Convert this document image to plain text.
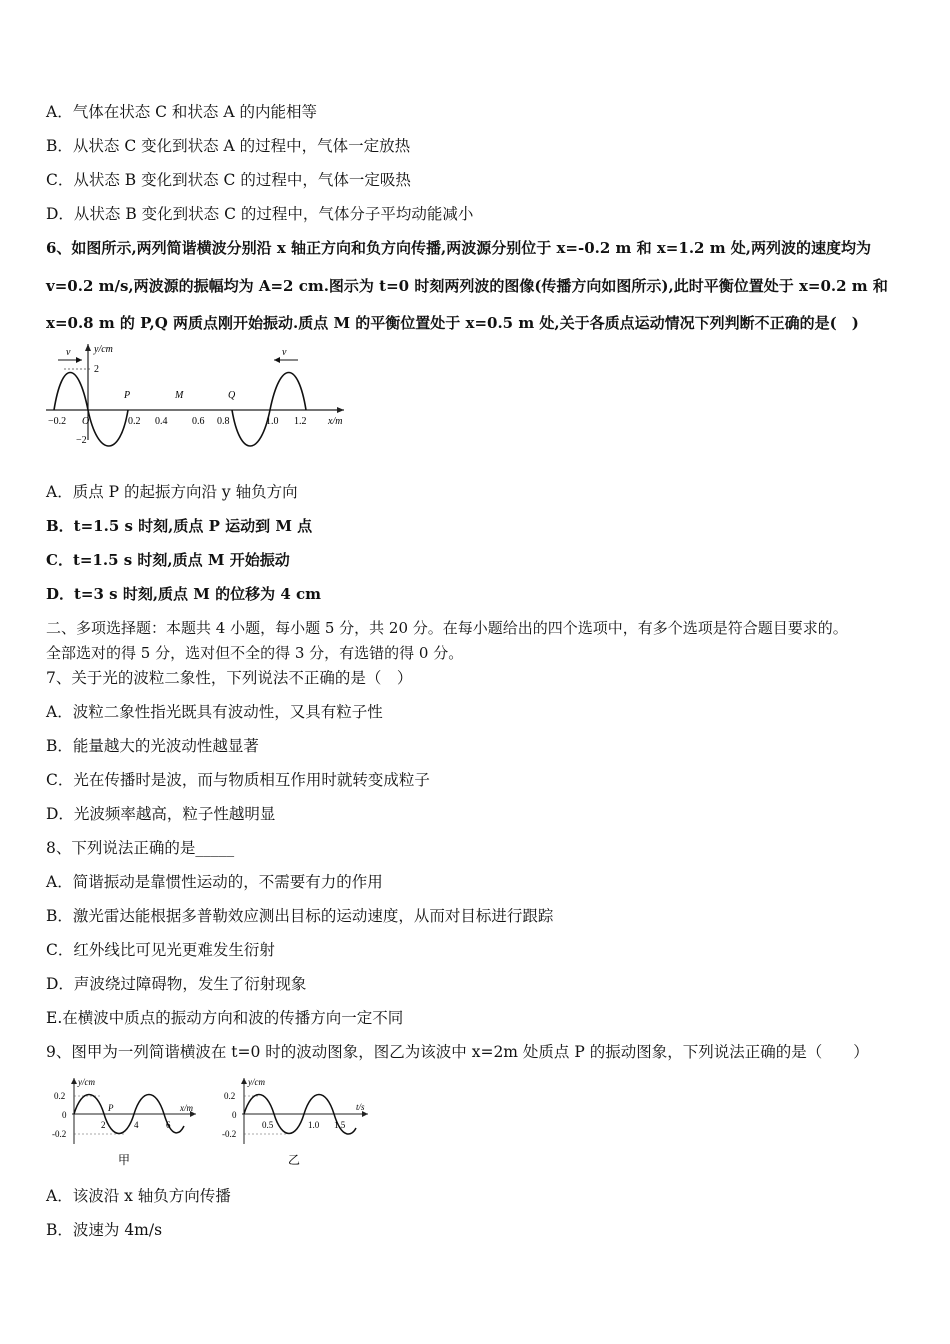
A．气体在状态 C 和状态 A 的内能相等
B．从状态 C 变化到状态 A 的过程中，气体一定放热
C．从状态 B 变化到状态 C 的过程中，气体一定吸热
D．从状态 B 变化到状态 C 的过程中，气体分子平均动能减小
6、如图所示,两列简谐横波分别沿 x 轴正方向和负方向传播,两波源分别位于 x=-0.2 m 和 x=1.2 m 处,两列波的速度均为
v=0.2 m/s,两波源的振幅均为 A=2 cm.图示为 t=0 时刻两列波的图像(传播方向如图所示),此时平衡位置处于 x=0.2 m 和
x=0.8 m 的 P,Q 两质点刚开始振动.质点 M 的平衡位置处于 x=0.5 m 处,关于各质点运动情况下列判断不正确的是(　)
y/cm
x/m
2
−2
−0.2 O	0.2 0.4 0.6 0.8	1.0 1.2
P	M	Q
v	v
A．质点 P 的起振方向沿 y 轴负方向
B．t=1.5 s 时刻,质点 P 运动到 M 点
C．t=1.5 s 时刻,质点 M 开始振动
D．t=3 s 时刻,质点 M 的位移为 4 cm
二、多项选择题：本题共 4 小题，每小题 5 分，共 20 分。在每小题给出的四个选项中，有多个选项是符合题目要求的。
全部选对的得 5 分，选对但不全的得 3 分，有选错的得 0 分。
7、关于光的波粒二象性，下列说法不正确的是（　）
A．波粒二象性指光既具有波动性，又具有粒子性
B．能量越大的光波动性越显著
C．光在传播时是波，而与物质相互作用时就转变成粒子
D．光波频率越高，粒子性越明显
8、下列说法正确的是_____
A．简谐振动是靠惯性运动的，不需要有力的作用
B．激光雷达能根据多普勒效应测出目标的运动速度，从而对目标进行跟踪
C．红外线比可见光更难发生衍射
D．声波绕过障碍物，发生了衍射现象
E.在横波中质点的振动方向和波的传播方向一定不同
9、图甲为一列简谐横波在 t=0 时的波动图象，图乙为该波中 x=2m 处质点 P 的振动图象，下列说法正确的是（　　）
y/cm
x/m
0.2
0
-0.2
P
2	4	6
甲
y/cm
t/s
0.2
0
-0.2
0.5	1.0 1.5
乙
A．该波沿 x 轴负方向传播
B．波速为 4m/s
